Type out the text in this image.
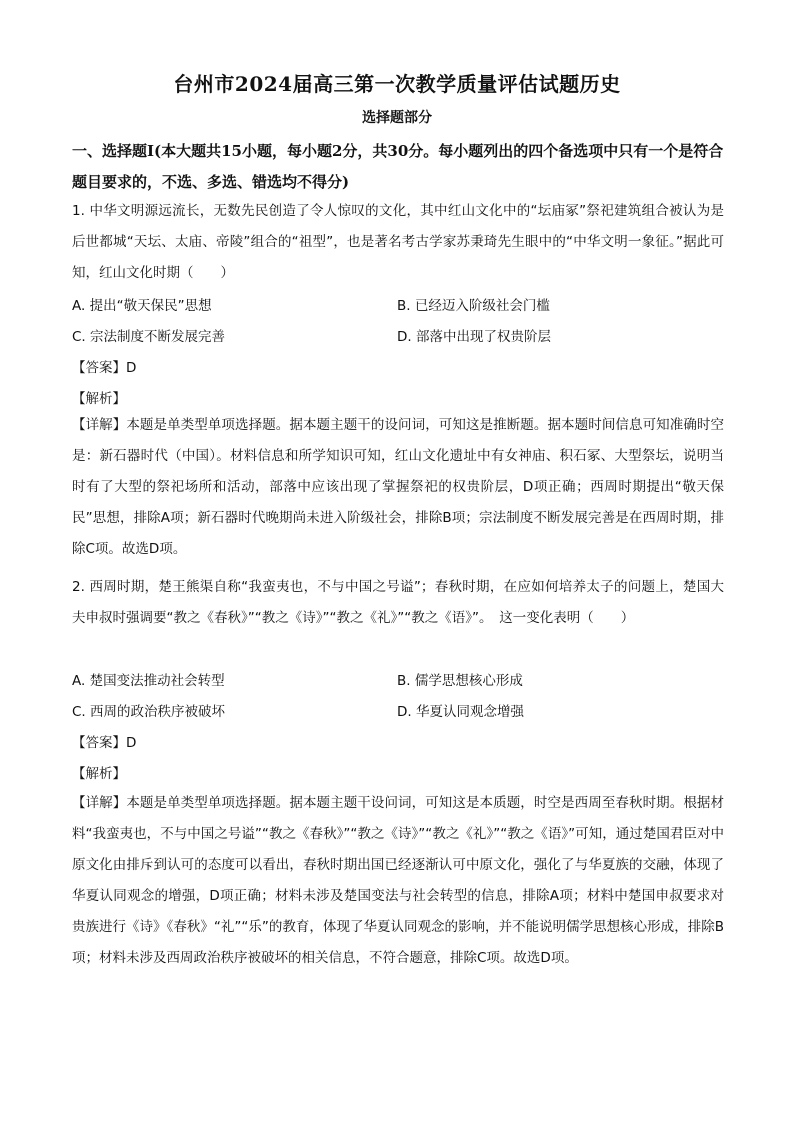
台州市2024届高三第一次教学质量评估试题历史
选择题部分
一、选择题Ⅰ(本大题共15小题，每小题2分，共30分。每小题列出的四个备选项中只有一个是符合题目要求的，不选、多选、错选均不得分)
1. 中华文明源远流长，无数先民创造了令人惊叹的文化，其中红山文化中的“坛庙冢”祭祀建筑组合被认为是后世都城“天坛、太庙、帝陵”组合的“祖型”，也是著名考古学家苏秉琦先生眼中的“中华文明一象征。”据此可知，红山文化时期（　　）
A. 提出“敬天保民”思想	B. 已经迈入阶级社会门槛
C. 宗法制度不断发展完善	D. 部落中出现了权贵阶层
【答案】D
【解析】
【详解】本题是单类型单项选择题。据本题主题干的设问词，可知这是推断题。据本题时间信息可知准确时空是：新石器时代（中国）。材料信息和所学知识可知，红山文化遗址中有女神庙、积石冢、大型祭坛，说明当时有了大型的祭祀场所和活动，部落中应该出现了掌握祭祀的权贵阶层，D项正确；西周时期提出“敬天保民”思想，排除A项；新石器时代晚期尚未进入阶级社会，排除B项；宗法制度不断发展完善是在西周时期，排除C项。故选D项。
2. 西周时期，楚王熊渠自称“我蛮夷也，不与中国之号谥”；春秋时期，在应如何培养太子的问题上，楚国大夫申叔时强调要“教之《春秋》”“教之《诗》”“教之《礼》”“教之《语》”。　这一变化表明（　　）
A. 楚国变法推动社会转型	B. 儒学思想核心形成
C. 西周的政治秩序被破坏	D. 华夏认同观念增强
【答案】D
【解析】
【详解】本题是单类型单项选择题。据本题主题干设问词，可知这是本质题，时空是西周至春秋时期。根据材料“我蛮夷也，不与中国之号谥”“教之《春秋》”“教之《诗》”“教之《礼》”“教之《语》”可知，通过楚国君臣对中原文化由排斥到认可的态度可以看出，春秋时期出国已经逐渐认可中原文化，强化了与华夏族的交融，体现了华夏认同观念的增强，D项正确；材料未涉及楚国变法与社会转型的信息，排除A项；材料中楚国申叔要求对贵族进行《诗》《春秋》“礼”“乐”的教育，体现了华夏认同观念的影响，并不能说明儒学思想核心形成，排除B项；材料未涉及西周政治秩序被破坏的相关信息，不符合题意，排除C项。故选D项。
